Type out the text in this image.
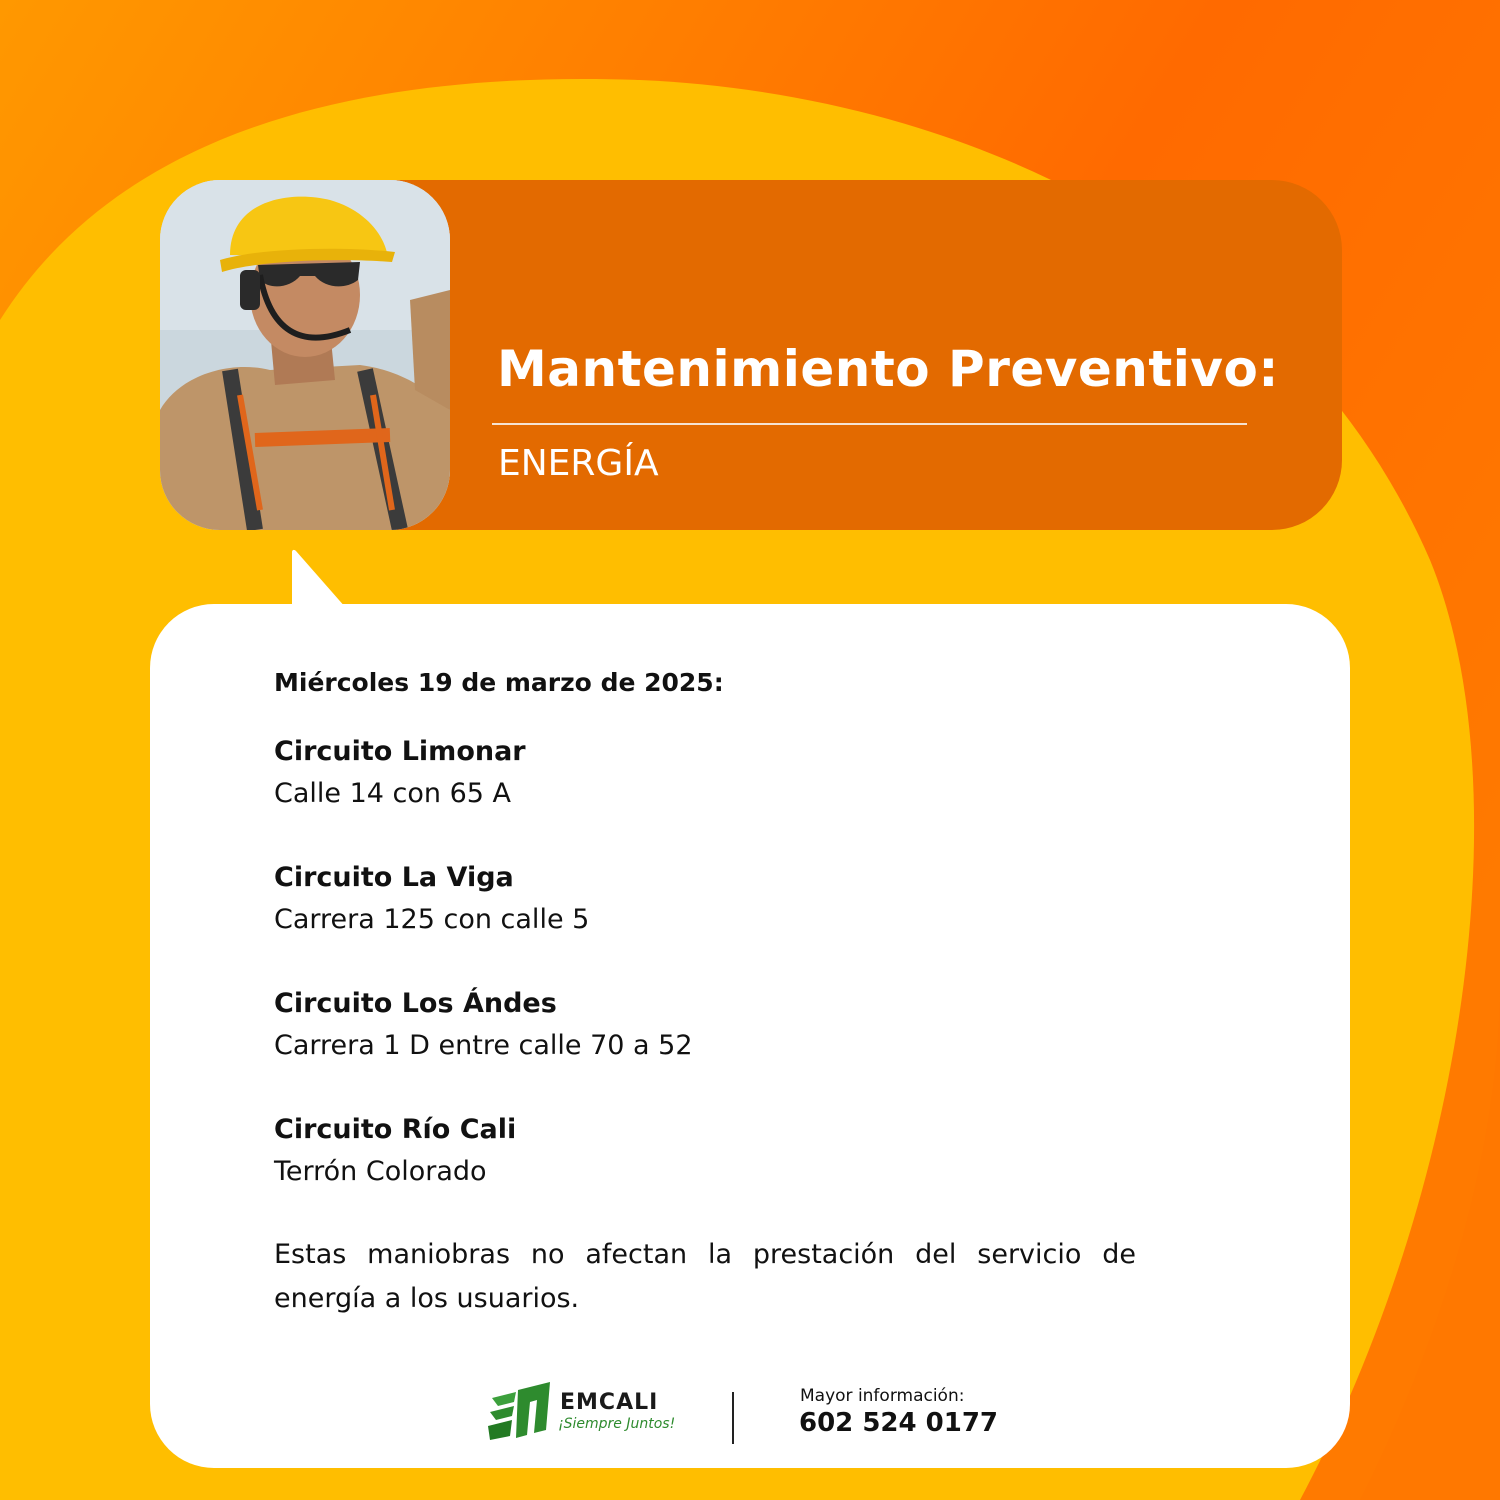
Mantenimiento Preventivo:
ENERGÍA
Miércoles 19 de marzo de 2025:
Circuito Limonar
Calle 14 con 65 A
Circuito La Viga
Carrera 125 con calle 5
Circuito Los Ándes
Carrera 1 D entre calle 70 a 52
Circuito Río Cali
Terrón Colorado

Estas maniobras no afectan la prestación del servicio de energía a los usuarios.

EMCALI
¡Siempre Juntos!
Mayor información:
602 524 0177
